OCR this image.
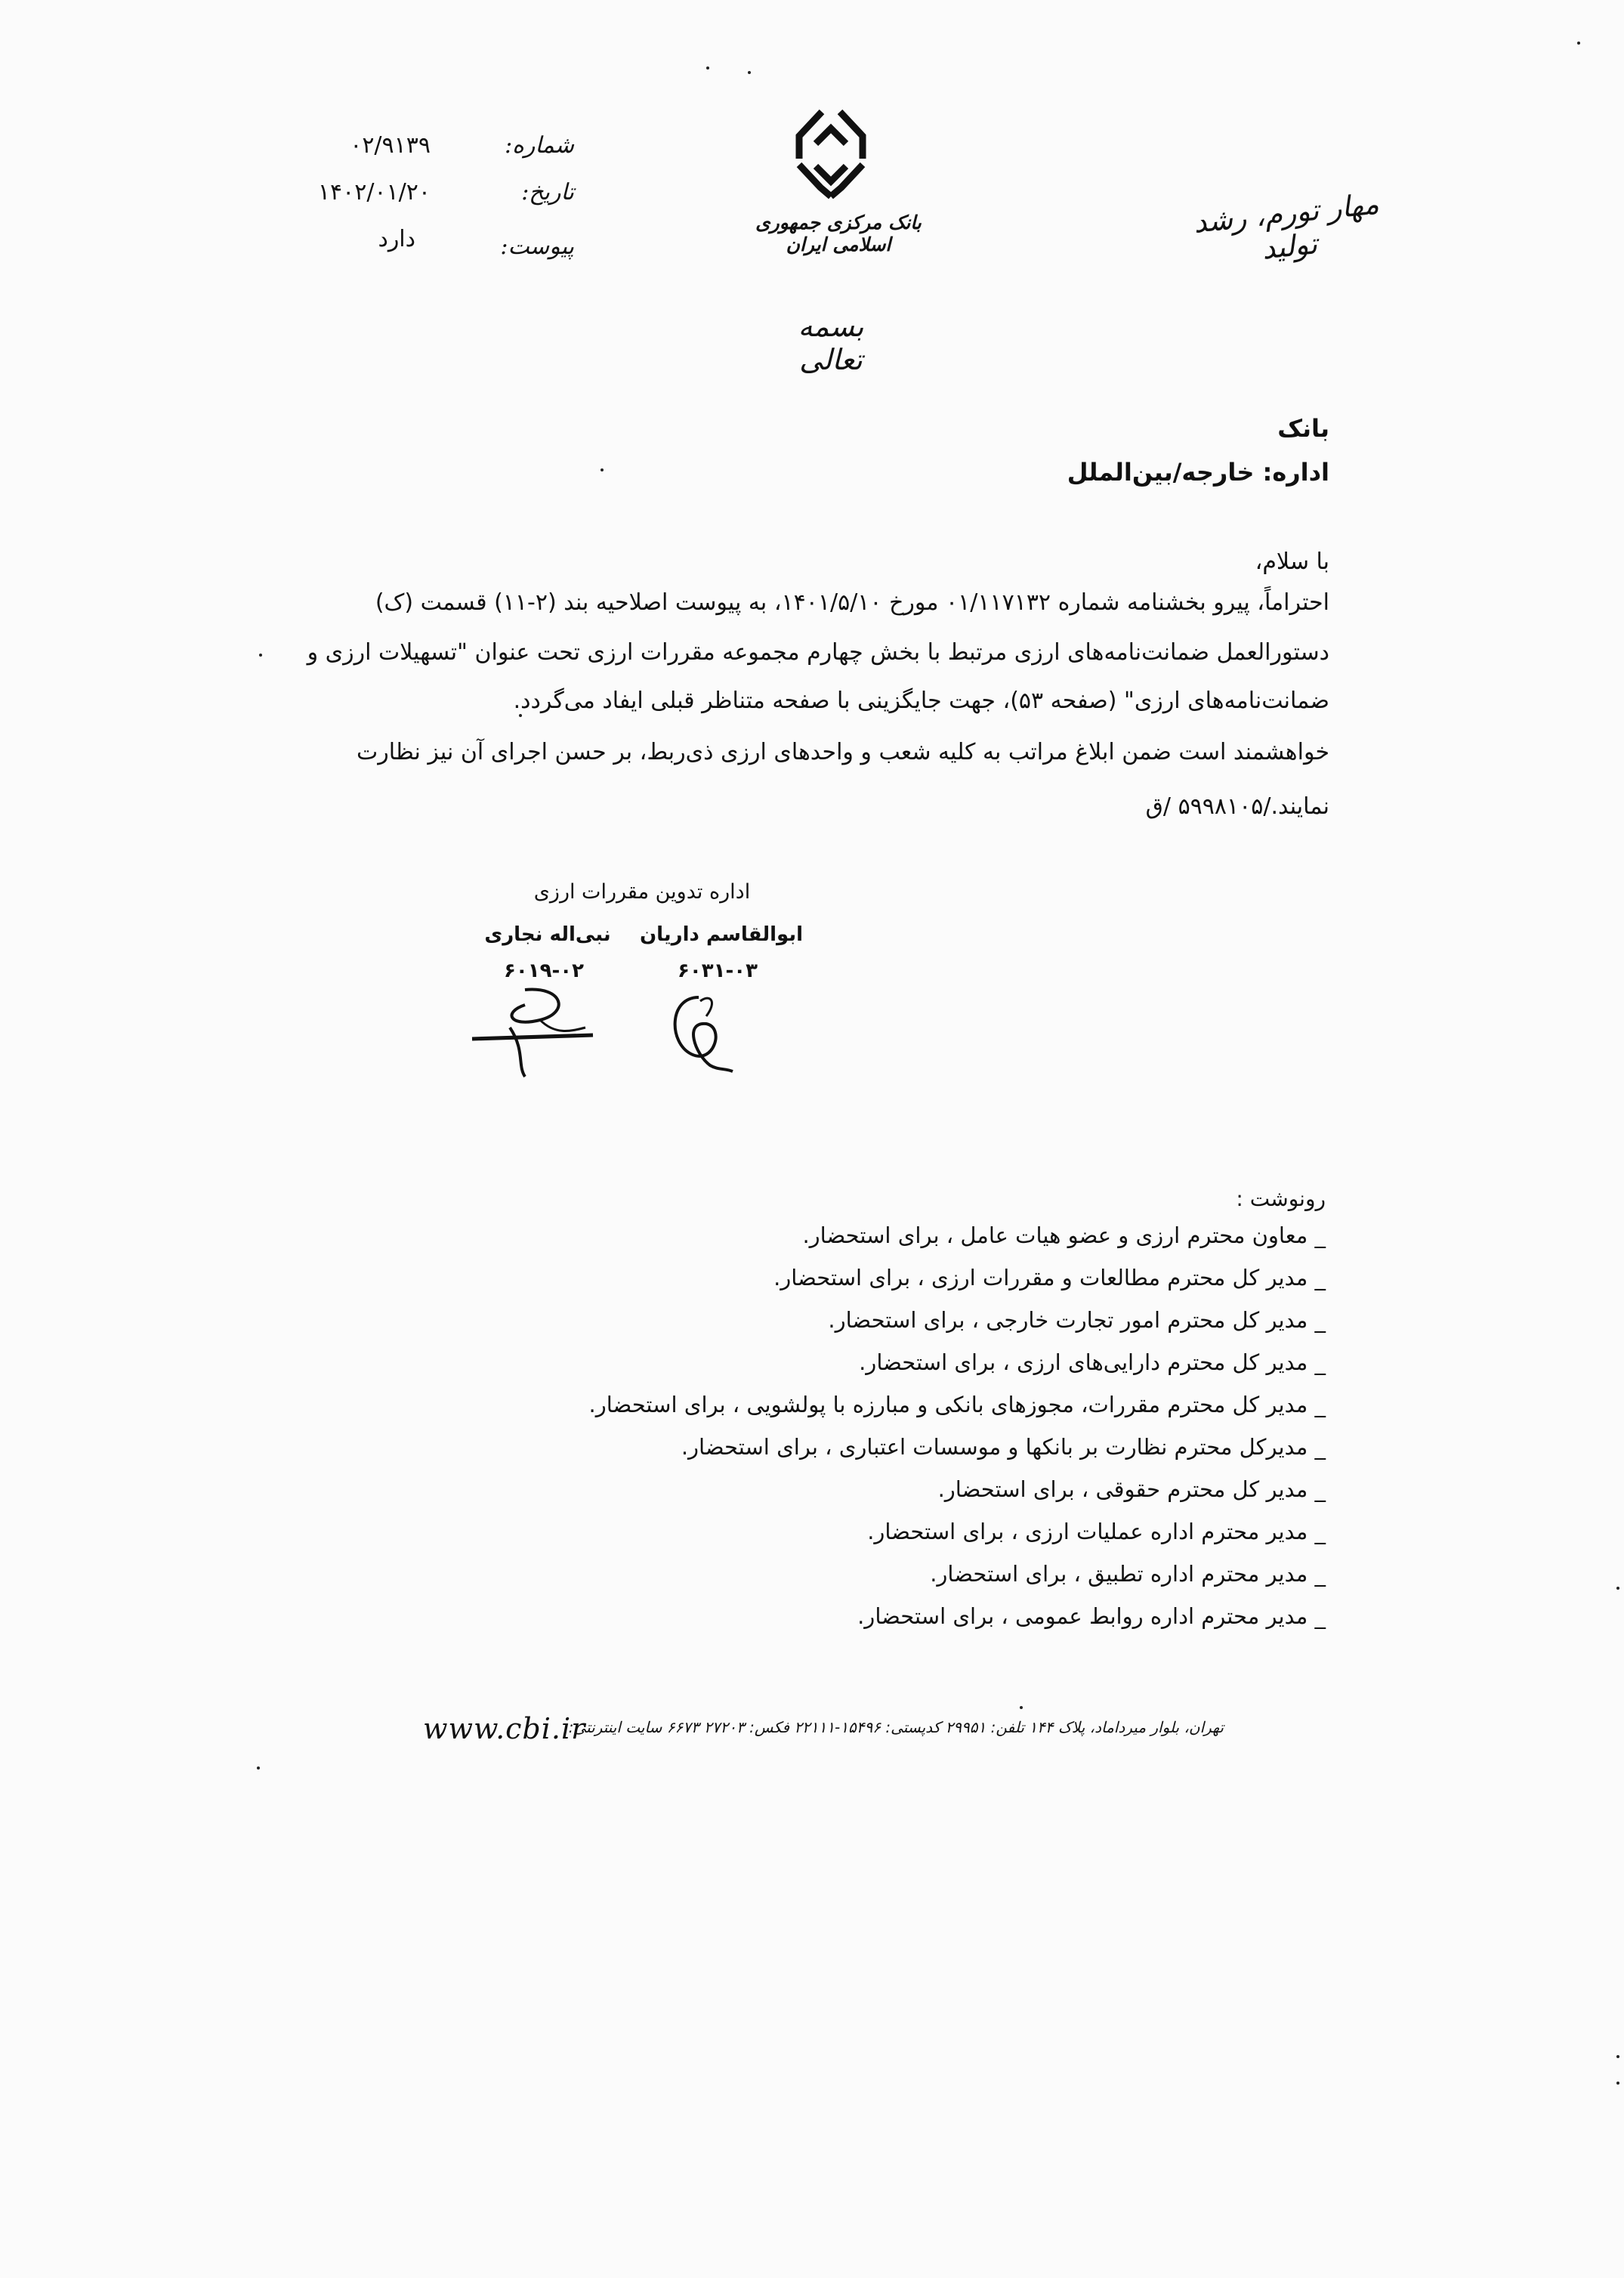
مهار تورم، رشد تولید
بانک مرکزی جمهوری اسلامی ایران
بسمه تعالی
شماره:
۰۲/۹۱۳۹
تاریخ:
۱۴۰۲/۰۱/۲۰
پیوست:
دارد
بانک
اداره: خارجه/بین‌الملل
با سلام،
احتراماً، پیرو بخشنامه شماره ۰۱/۱۱۷۱۳۲ مورخ ۱۴۰۱/۵/۱۰، به پیوست اصلاحیه بند (۲-۱۱) قسمت (ک)
دستورالعمل ضمانت‌نامه‌های ارزی مرتبط با بخش چهارم مجموعه مقررات ارزی تحت عنوان "تسهیلات ارزی و
ضمانت‌نامه‌های ارزی" (صفحه ۵۳)، جهت جایگزینی با صفحه متناظر قبلی ایفاد می‌گردد.
خواهشمند است ضمن ابلاغ مراتب به کلیه شعب و واحدهای ارزی ذی‌ربط، بر حسن اجرای آن نیز نظارت
نمایند./۵۹۹۸۱۰۵ /ق
اداره تدوین مقررات ارزی
ابوالقاسم داریان
۶۰۳۱-۰۳
نبی‌اله نجاری
۶۰۱۹-۰۲
رونوشت :
_ معاون محترم ارزی و عضو هیات عامل ، برای استحضار.
_ مدیر کل محترم مطالعات و مقررات ارزی ، برای استحضار.
_ مدیر کل محترم امور تجارت خارجی ، برای استحضار.
_ مدیر کل محترم دارایی‌های ارزی ، برای استحضار.
_ مدیر کل محترم مقررات، مجوزهای بانکی و مبارزه با پولشویی ، برای استحضار.
_ مدیرکل محترم نظارت بر بانکها و موسسات اعتباری ، برای استحضار.
_ مدیر کل محترم حقوقی ، برای استحضار.
_ مدیر محترم اداره عملیات ارزی ، برای استحضار.
_ مدیر محترم اداره تطبیق ، برای استحضار.
_ مدیر محترم اداره روابط عمومی ، برای استحضار.
www.cbi.ir
تهران، بلوار میرداماد، پلاک ۱۴۴ تلفن: ۲۹۹۵۱ کدپستی: ۱۵۴۹۶-۲۲۱۱۱ فکس: ۲۷۲۰۳ ۶۶۷۳ سایت اینترنتی:
